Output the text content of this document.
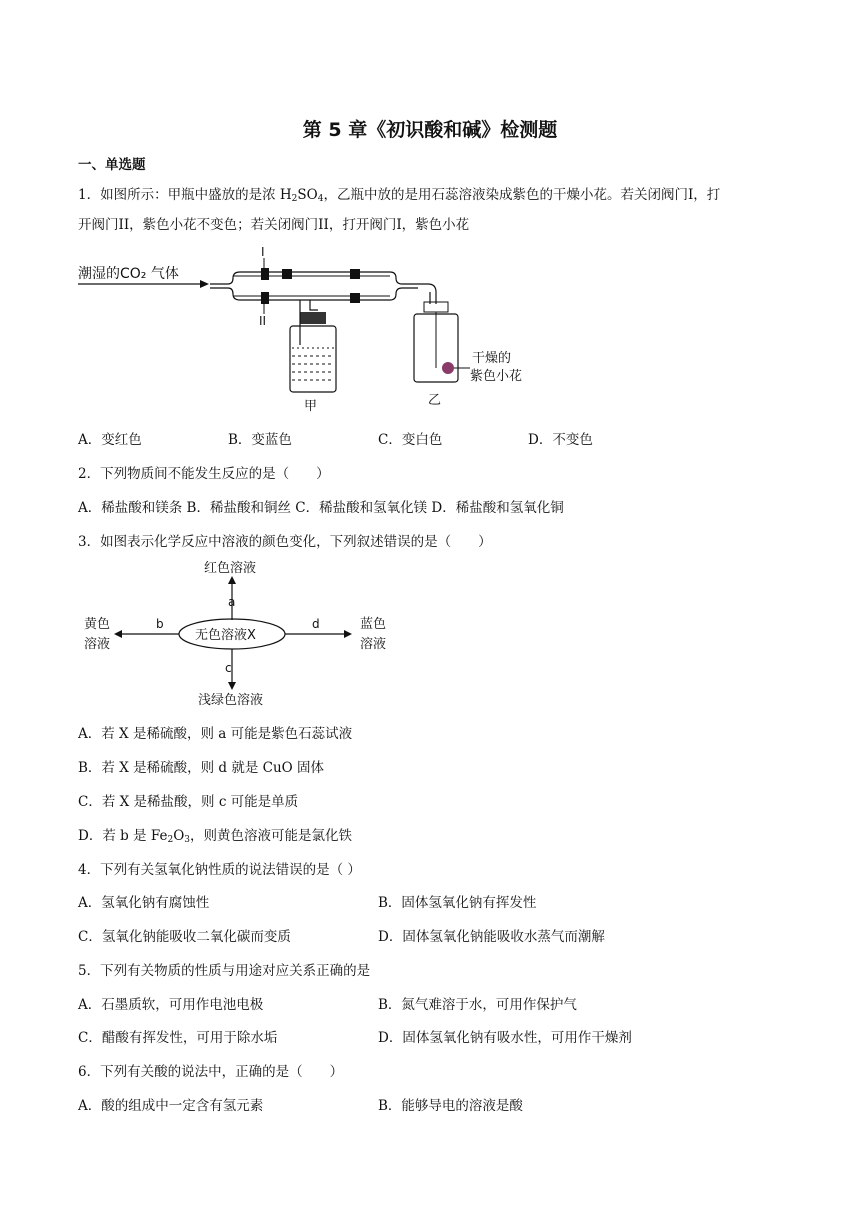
第 5 章《初识酸和碱》检测题
一、单选题
1．如图所示：甲瓶中盛放的是浓 $H_2SO_4$，乙瓶中放的是用石蕊溶液染成紫色的干燥小花。若关闭阀门I，打
开阀门II，紫色小花不变色；若关闭阀门II，打开阀门I，紫色小花
潮湿的CO₂ 气体
I
II
甲
干燥的
紫色小花
乙
A．变红色	B．变蓝色	C．变白色	D．不变色
2．下列物质间不能发生反应的是（　　）
A．稀盐酸和镁条 B．稀盐酸和铜丝 C．稀盐酸和氢氧化镁 D．稀盐酸和氢氧化铜
3．如图表示化学反应中溶液的颜色变化，下列叙述错误的是（　　）
红色溶液
a
无色溶液X
b
黄色
溶液
d	蓝色
溶液
c
浅绿色溶液
A．若 X 是稀硫酸，则 a 可能是紫色石蕊试液
B．若 X 是稀硫酸，则 d 就是 CuO 固体
C．若 X 是稀盐酸，则 c 可能是单质
D．若 b 是 $Fe_2O_3$，则黄色溶液可能是氯化铁
4．下列有关氢氧化钠性质的说法错误的是（ ）
A．氢氧化钠有腐蚀性	B．固体氢氧化钠有挥发性
C．氢氧化钠能吸收二氧化碳而变质	D．固体氢氧化钠能吸收水蒸气而潮解
5．下列有关物质的性质与用途对应关系正确的是
A．石墨质软，可用作电池电极	B．氮气难溶于水，可用作保护气
C．醋酸有挥发性，可用于除水垢	D．固体氢氧化钠有吸水性，可用作干燥剂
6．下列有关酸的说法中，正确的是（　　）
A．酸的组成中一定含有氢元素	B．能够导电的溶液是酸
